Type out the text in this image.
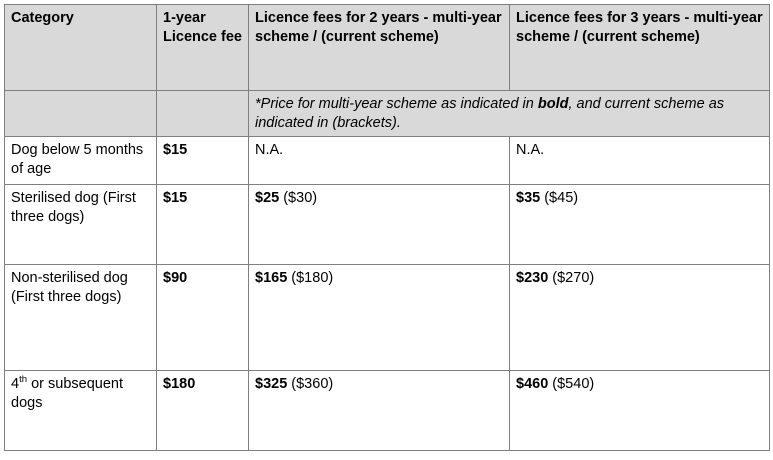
Category	1-year Licence fee	Licence fees for 2 years - multi-year scheme / (current scheme)	Licence fees for 3 years - multi-year scheme / (current scheme)
		*Price for multi-year scheme as indicated in bold, and current scheme as indicated in (brackets).	
Dog below 5 months of age	$15	N.A.	N.A.
Sterilised dog (First three dogs)	$15	$25 ($30)	$35 ($45)
Non-sterilised dog (First three dogs)	$90	$165 ($180)	$230 ($270)
4th or subsequent dogs	$180	$325 ($360)	$460 ($540)
